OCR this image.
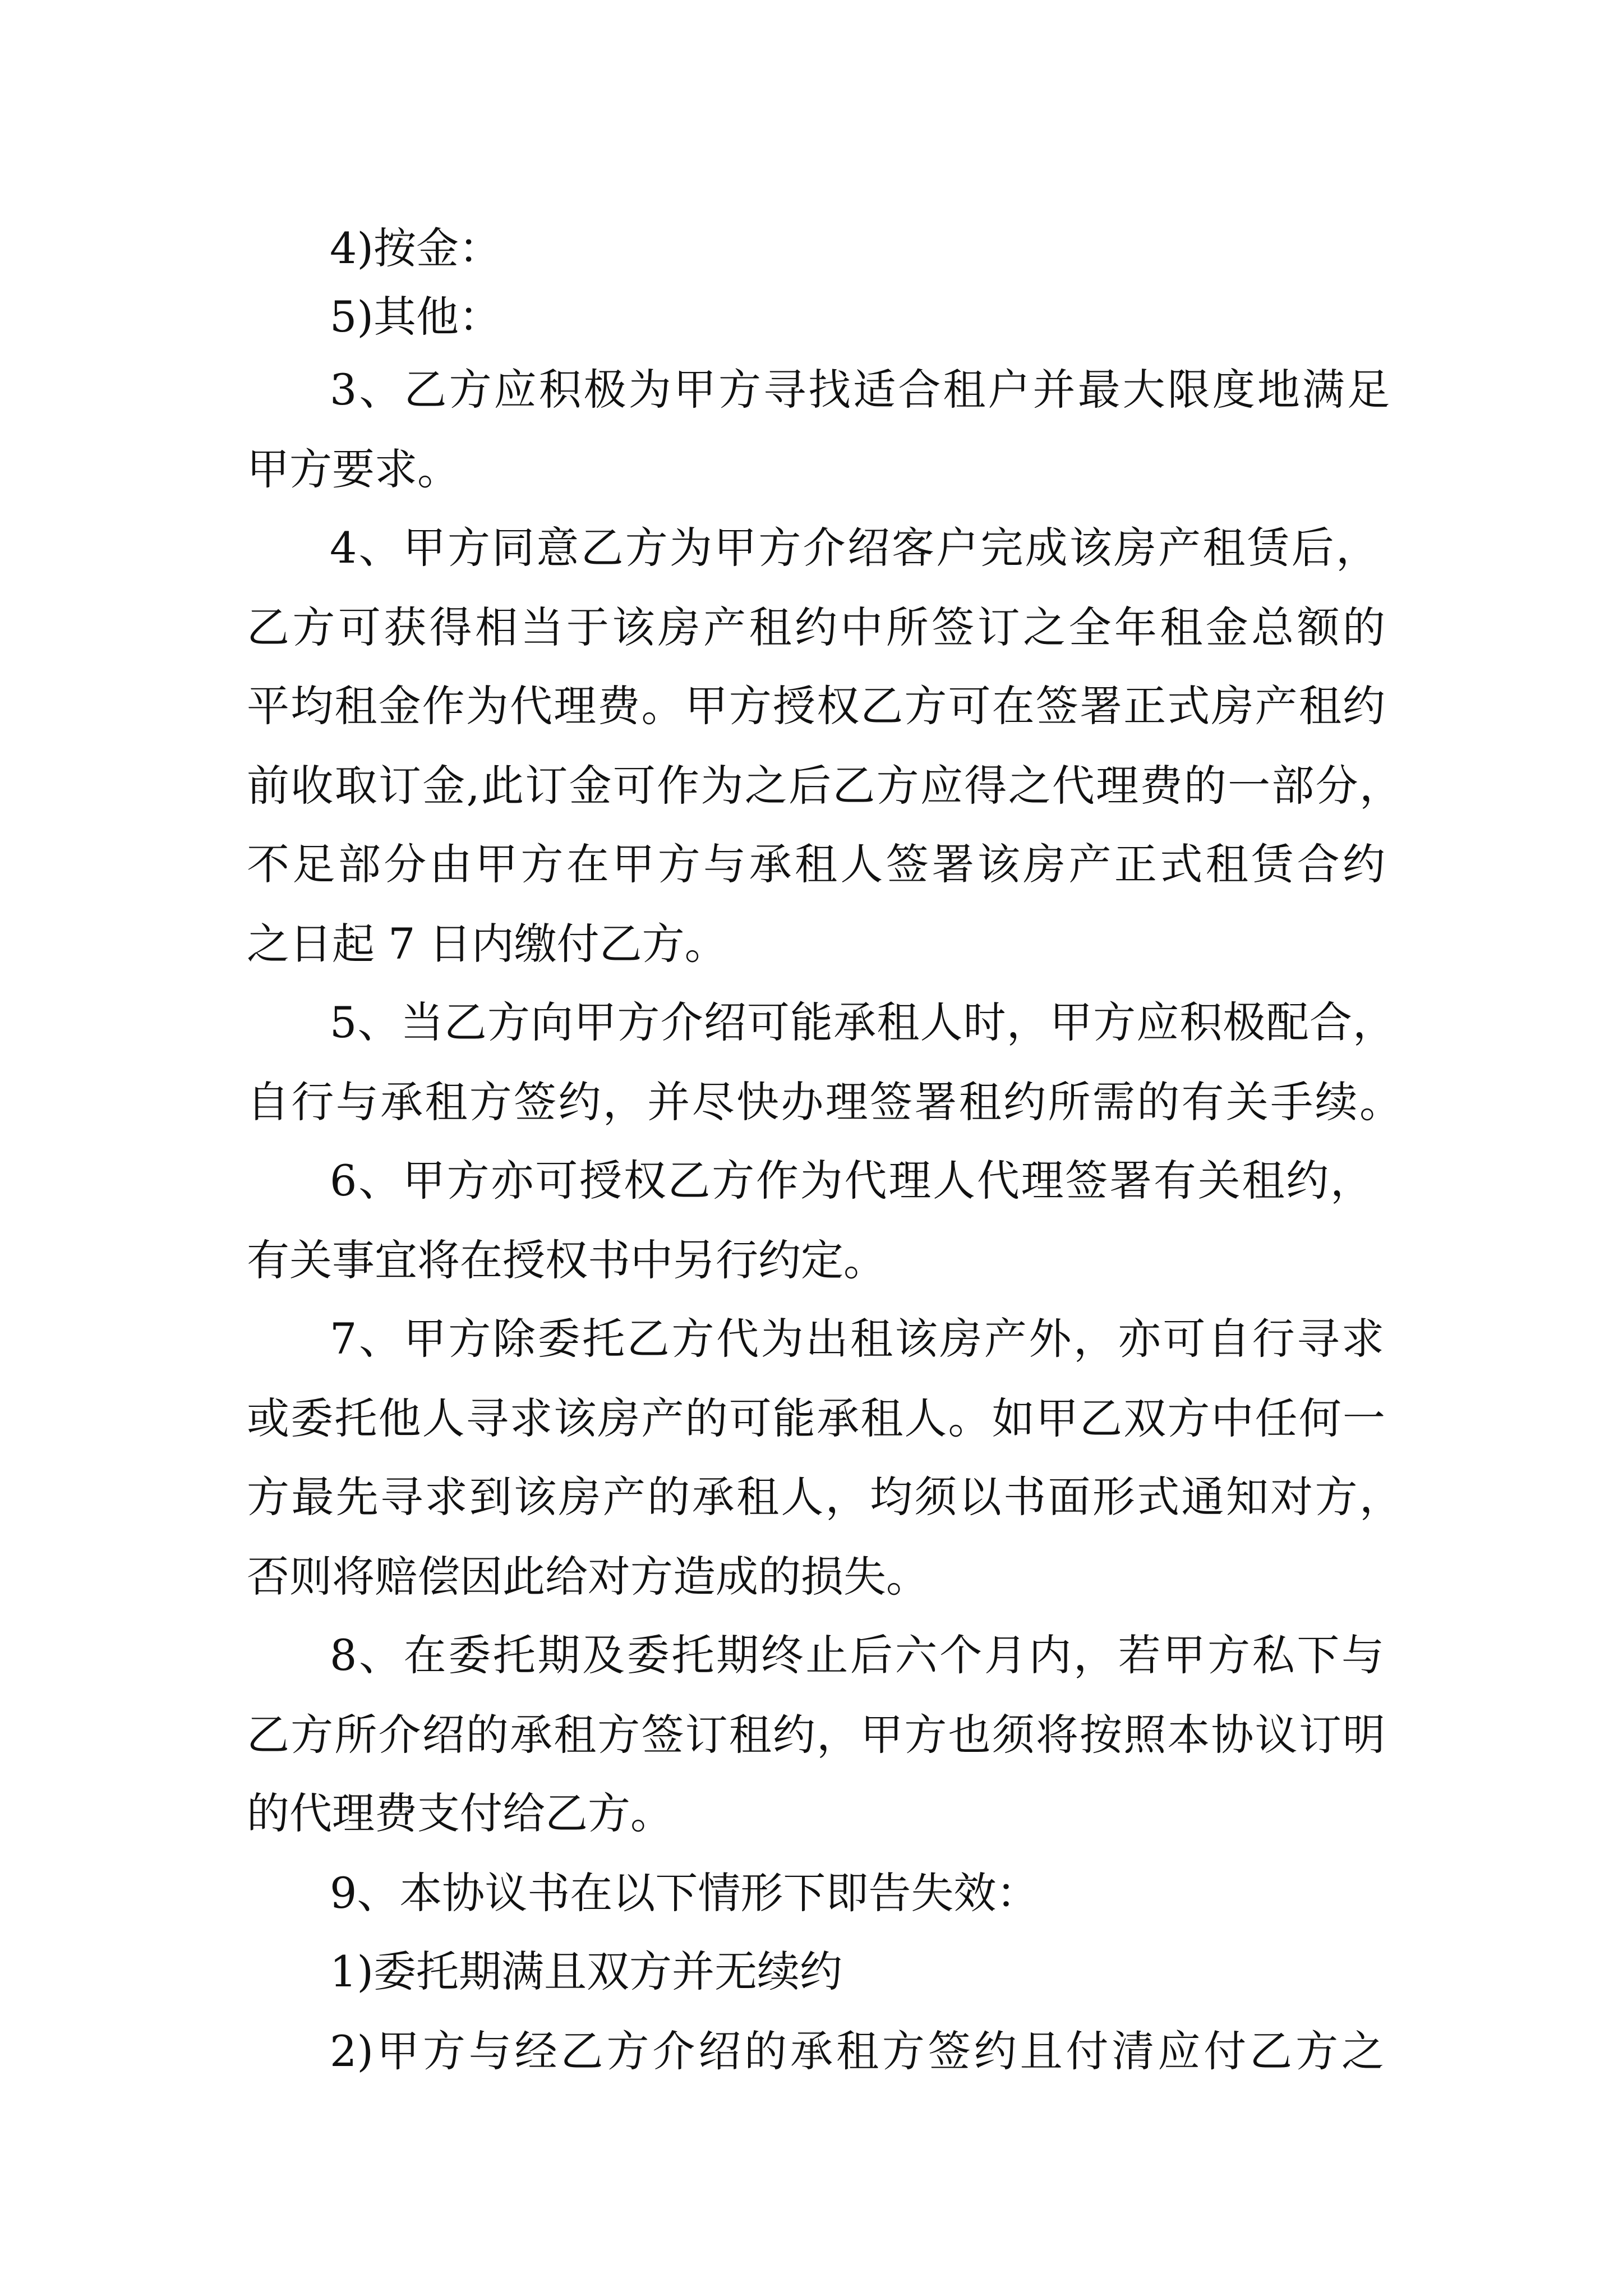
4)按金：

5)其他：

3、乙方应积极为甲方寻找适合租户并最大限度地满足

甲方要求。

4、甲方同意乙方为甲方介绍客户完成该房产租赁后，

乙方可获得相当于该房产租约中所签订之全年租金总额的

平均租金作为代理费。甲方授权乙方可在签署正式房产租约

前收取订金,此订金可作为之后乙方应得之代理费的一部分，

不足部分由甲方在甲方与承租人签署该房产正式租赁合约

之日起 7 日内缴付乙方。

5、当乙方向甲方介绍可能承租人时，甲方应积极配合，

自行与承租方签约，并尽快办理签署租约所需的有关手续。

6、甲方亦可授权乙方作为代理人代理签署有关租约，

有关事宜将在授权书中另行约定。

7、甲方除委托乙方代为出租该房产外，亦可自行寻求

或委托他人寻求该房产的可能承租人。如甲乙双方中任何一

方最先寻求到该房产的承租人，均须以书面形式通知对方，

否则将赔偿因此给对方造成的损失。

8、在委托期及委托期终止后六个月内，若甲方私下与

乙方所介绍的承租方签订租约，甲方也须将按照本协议订明

的代理费支付给乙方。

9、本协议书在以下情形下即告失效：

1)委托期满且双方并无续约

2)甲方与经乙方介绍的承租方签约且付清应付乙方之
